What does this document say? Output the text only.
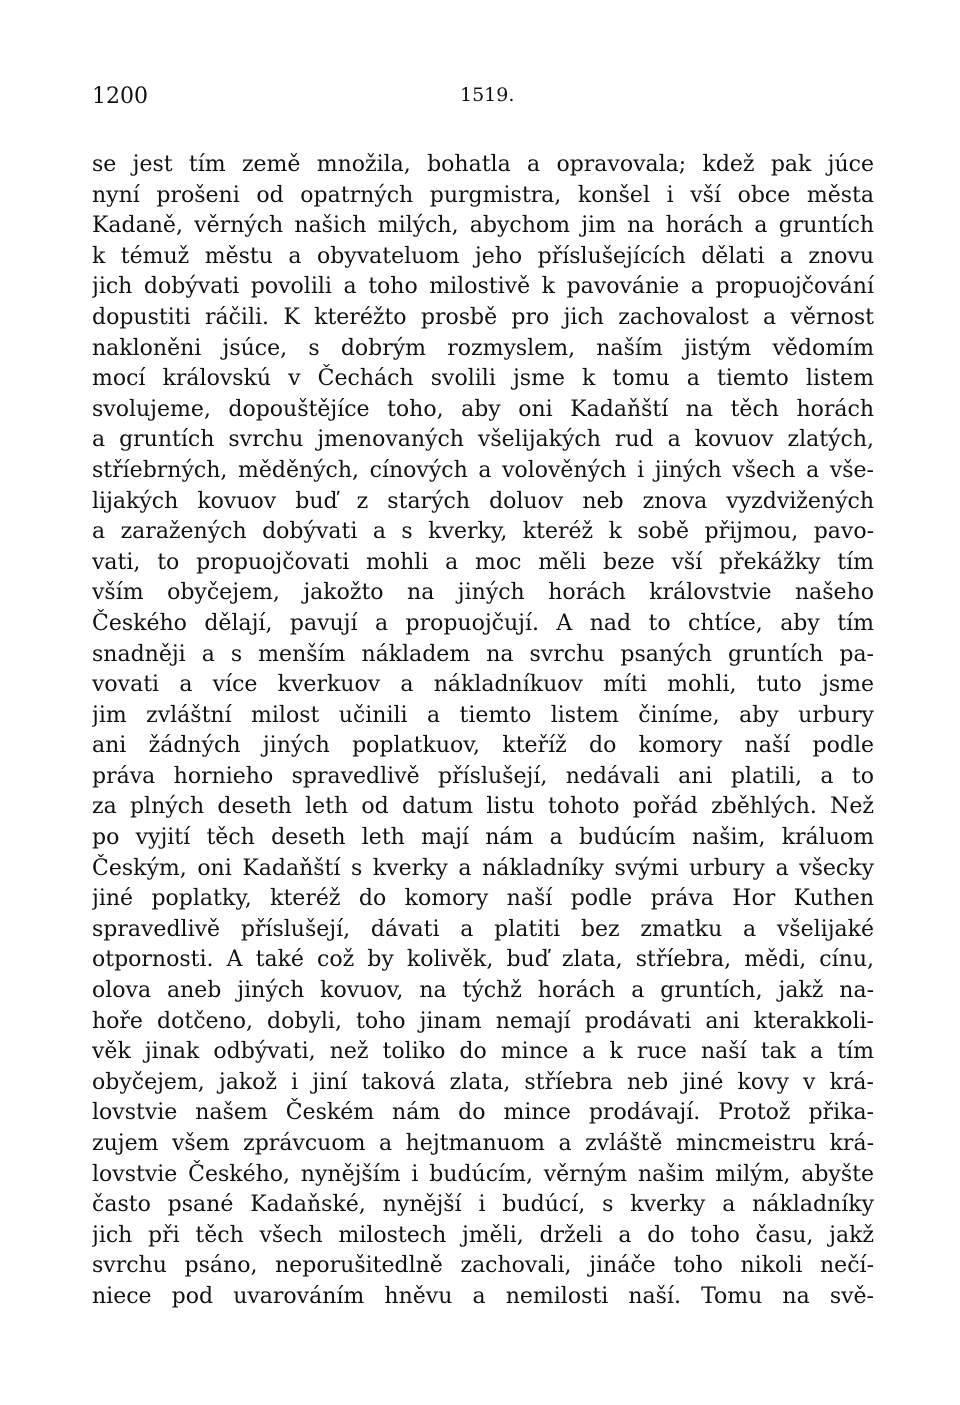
1200	1519.
se jest tím země množila, bohatla a opravovala; kdež pak júce
nyní prošeni od opatrných purgmistra, konšel i vší obce města
Kadaně, věrných našich milých, abychom jim na horách a gruntích
k témuž městu a obyvateluom jeho příslušejících dělati a znovu
jich dobývati povolili a toho milostivě k pavovánie a propuojčování
dopustiti ráčili. K kteréžto prosbě pro jich zachovalost a věrnost
nakloněni jsúce, s dobrým rozmyslem, naším jistým vědomím
mocí královskú v Čechách svolili jsme k tomu a tiemto listem
svolujeme, dopouštějíce toho, aby oni Kadaňští na těch horách
a gruntích svrchu jmenovaných všelijakých rud a kovuov zlatých,
stříebrných, měděných, cínových a volověných i jiných všech a vše-
lijakých kovuov buď z starých doluov neb znova vyzdvižených
a zaražených dobývati a s kverky, kteréž k sobě přijmou, pavo-
vati, to propuojčovati mohli a moc měli beze vší překážky tím
vším obyčejem, jakožto na jiných horách královstvie našeho
Českého dělají, pavují a propuojčují. A nad to chtíce, aby tím
snadněji a s menším nákladem na svrchu psaných gruntích pa-
vovati a více kverkuov a nákladníkuov míti mohli, tuto jsme
jim zvláštní milost učinili a tiemto listem činíme, aby urbury
ani žádných jiných poplatkuov, kteříž do komory naší podle
práva hornieho spravedlivě příslušejí, nedávali ani platili, a to
za plných deseth leth od datum listu tohoto pořád zběhlých. Než
po vyjití těch deseth leth mají nám a budúcím našim, králuom
Českým, oni Kadaňští s kverky a nákladníky svými urbury a všecky
jiné poplatky, kteréž do komory naší podle práva Hor Kuthen
spravedlivě příslušejí, dávati a platiti bez zmatku a všelijaké
otpornosti. A také což by kolivěk, buď zlata, stříebra, mědi, cínu,
olova aneb jiných kovuov, na týchž horách a gruntích, jakž na-
hoře dotčeno, dobyli, toho jinam nemají prodávati ani kterakkoli-
věk jinak odbývati, než toliko do mince a k ruce naší tak a tím
obyčejem, jakož i jiní taková zlata, stříebra neb jiné kovy v krá-
lovstvie našem Českém nám do mince prodávají. Protož přika-
zujem všem zprávcuom a hejtmanuom a zvláště mincmeistru krá-
lovstvie Českého, nynějším i budúcím, věrným našim milým, abyšte
často psané Kadaňské, nynější i budúcí, s kverky a nákladníky
jich při těch všech milostech jměli, drželi a do toho času, jakž
svrchu psáno, neporušitedlně zachovali, jináče toho nikoli nečí-
niece pod uvarováním hněvu a nemilosti naší. Tomu na svě-
